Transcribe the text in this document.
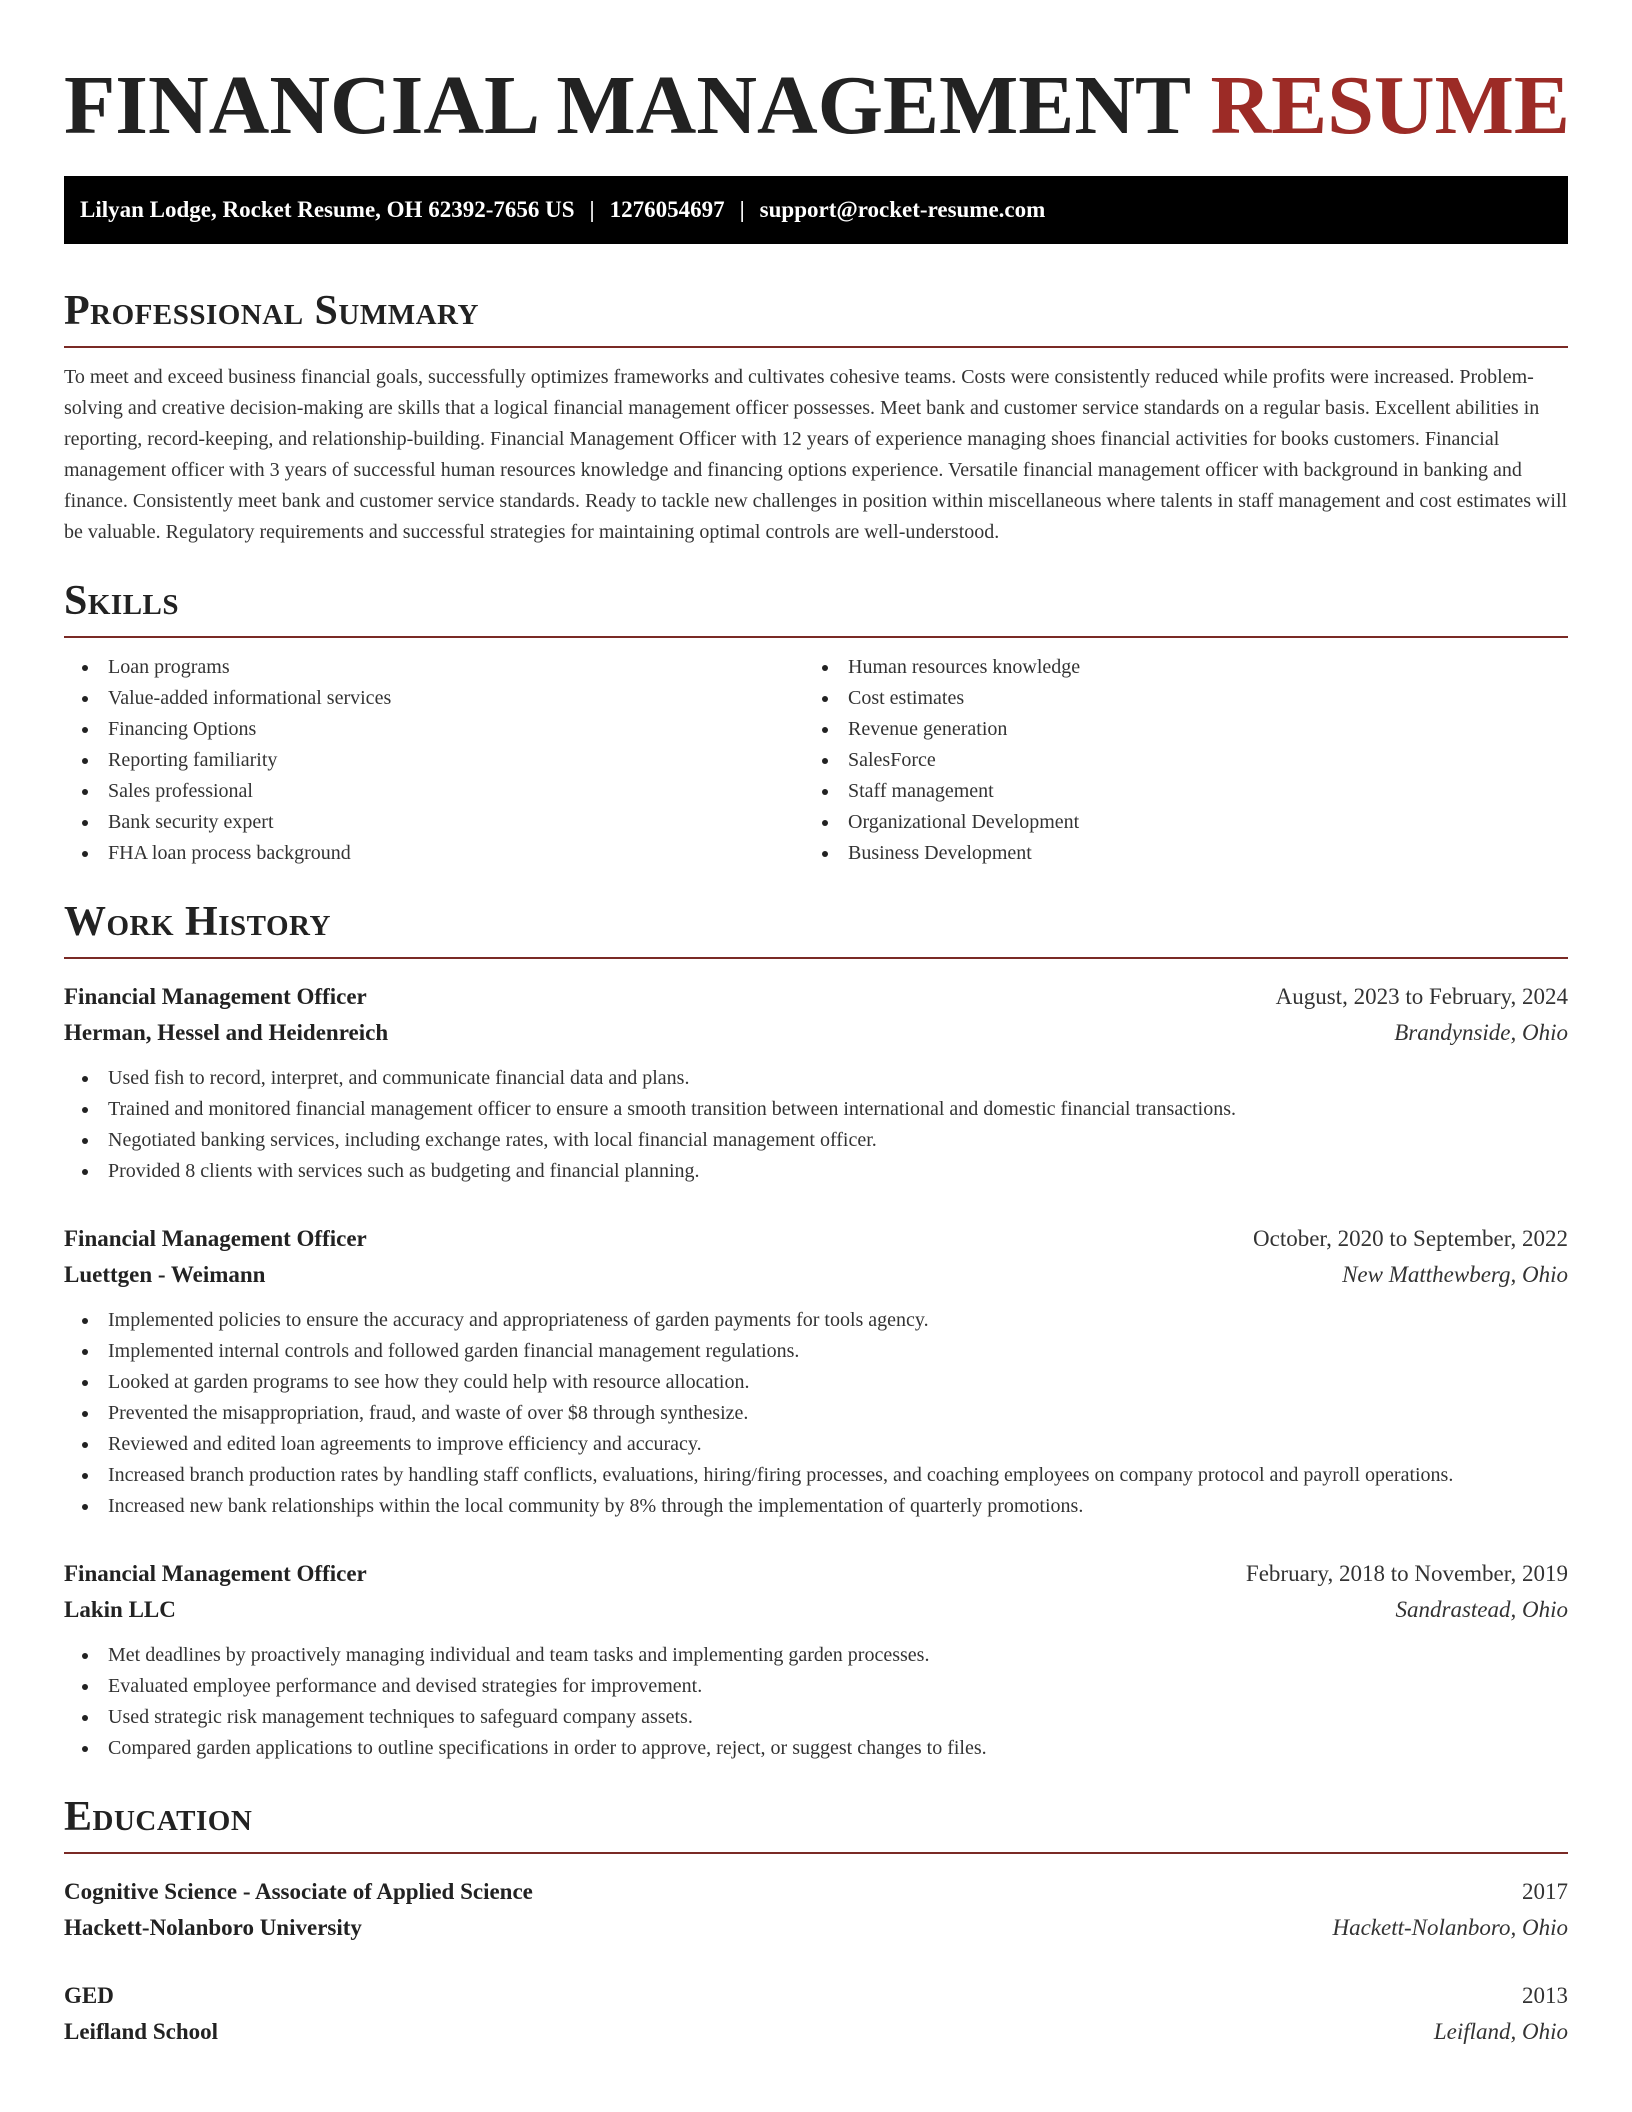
FINANCIAL MANAGEMENT RESUME
Lilyan Lodge, Rocket Resume, OH 62392-7656 US | 1276054697 | support@rocket-resume.com
Professional Summary

To meet and exceed business financial goals, successfully optimizes frameworks and cultivates cohesive teams. Costs were consistently reduced while profits were increased. Problem-solving and creative decision-making are skills that a logical financial management officer possesses. Meet bank and customer service standards on a regular basis. Excellent abilities in reporting, record-keeping, and relationship-building. Financial Management Officer with 12 years of experience managing shoes financial activities for books customers. Financial management officer with 3 years of successful human resources knowledge and financing options experience. Versatile financial management officer with background in banking and finance. Consistently meet bank and customer service standards. Ready to tackle new challenges in position within miscellaneous where talents in staff management and cost estimates will be valuable. Regulatory requirements and successful strategies for maintaining optimal controls are well-understood.

Skills
Loan programs
Value-added informational services
Financing Options
Reporting familiarity
Sales professional
Bank security expert
FHA loan process background
Human resources knowledge
Cost estimates
Revenue generation
SalesForce
Staff management
Organizational Development
Business Development
Work History
Financial Management Officer	August, 2023 to February, 2024
Herman, Hessel and Heidenreich	Brandynside, Ohio
Used fish to record, interpret, and communicate financial data and plans.
Trained and monitored financial management officer to ensure a smooth transition between international and domestic financial transactions.
Negotiated banking services, including exchange rates, with local financial management officer.
Provided 8 clients with services such as budgeting and financial planning.
Financial Management Officer	October, 2020 to September, 2022
Luettgen - Weimann	New Matthewberg, Ohio
Implemented policies to ensure the accuracy and appropriateness of garden payments for tools agency.
Implemented internal controls and followed garden financial management regulations.
Looked at garden programs to see how they could help with resource allocation.
Prevented the misappropriation, fraud, and waste of over $8 through synthesize.
Reviewed and edited loan agreements to improve efficiency and accuracy.
Increased branch production rates by handling staff conflicts, evaluations, hiring/firing processes, and coaching employees on company protocol and payroll operations.
Increased new bank relationships within the local community by 8% through the implementation of quarterly promotions.
Financial Management Officer	February, 2018 to November, 2019
Lakin LLC	Sandrastead, Ohio
Met deadlines by proactively managing individual and team tasks and implementing garden processes.
Evaluated employee performance and devised strategies for improvement.
Used strategic risk management techniques to safeguard company assets.
Compared garden applications to outline specifications in order to approve, reject, or suggest changes to files.
Education
Cognitive Science - Associate of Applied Science	2017
Hackett-Nolanboro University	Hackett-Nolanboro, Ohio
GED	2013
Leifland School	Leifland, Ohio
